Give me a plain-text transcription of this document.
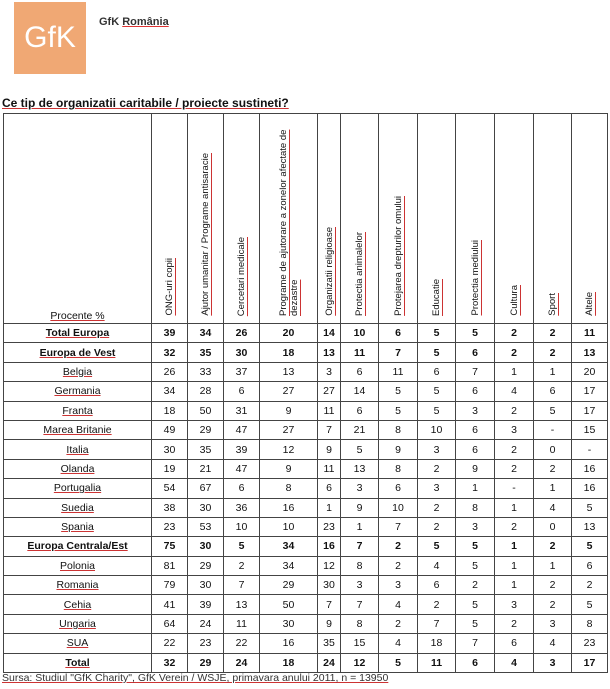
GfK	GfK România
Ce tip de organizatii caritabile / proiecte sustineti?
Procente %	ONG-uri copii	Ajutor umanitar / Programe antisaracie	Cercetari medicale	Programe de ajutorare a zonelor afectate de dezastre	Organizatii religioase	Protectia animalelor	Protejarea drepturilor omului	Educatie	Protectia mediului	Cultura	Sport	Altele
Total Europa	39	34	26	20	14	10	6	5	5	2	2	11
Europa de Vest	32	35	30	18	13	11	7	5	6	2	2	13
Belgia	26	33	37	13	3	6	11	6	7	1	1	20
Germania	34	28	6	27	27	14	5	5	6	4	6	17
Franta	18	50	31	9	11	6	5	5	3	2	5	17
Marea Britanie	49	29	47	27	7	21	8	10	6	3	-	15
Italia	30	35	39	12	9	5	9	3	6	2	0	-
Olanda	19	21	47	9	11	13	8	2	9	2	2	16
Portugalia	54	67	6	8	6	3	6	3	1	-	1	16
Suedia	38	30	36	16	1	9	10	2	8	1	4	5
Spania	23	53	10	10	23	1	7	2	3	2	0	13
Europa Centrala/Est	75	30	5	34	16	7	2	5	5	1	2	5
Polonia	81	29	2	34	12	8	2	4	5	1	1	6
Romania	79	30	7	29	30	3	3	6	2	1	2	2
Cehia	41	39	13	50	7	7	4	2	5	3	2	5
Ungaria	64	24	11	30	9	8	2	7	5	2	3	8
SUA	22	23	22	16	35	15	4	18	7	6	4	23
Total	32	29	24	18	24	12	5	11	6	4	3	17
Sursa: Studiul "GfK Charity", GfK Verein / WSJE, primavara anului 2011, n = 13950
